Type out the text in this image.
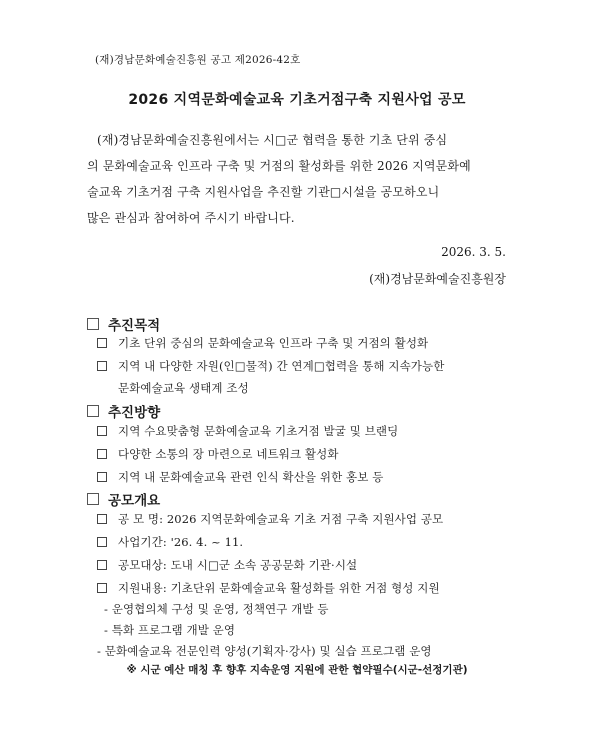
(재)경남문화예술진흥원 공고 제2026-42호
2026 지역문화예술교육 기초거점구축 지원사업 공모
(재)경남문화예술진흥원에서는 시□군 협력을 통한 기초 단위 중심
의 문화예술교육 인프라 구축 및 거점의 활성화를 위한 2026 지역문화예
술교육 기초거점 구축 지원사업을 추진할 기관□시설을 공모하오니
많은 관심과 참여하여 주시기 바랍니다.
2026. 3. 5.
(재)경남문화예술진흥원장
추진목적
기초 단위 중심의 문화예술교육 인프라 구축 및 거점의 활성화
지역 내 다양한 자원(인□물적) 간 연계□협력을 통해 지속가능한
문화예술교육 생태계 조성
추진방향
지역 수요맞춤형 문화예술교육 기초거점 발굴 및 브랜딩
다양한 소통의 장 마련으로 네트워크 활성화
지역 내 문화예술교육 관련 인식 확산을 위한 홍보 등
공모개요
공 모 명: 2026 지역문화예술교육 기초 거점 구축 지원사업 공모
사업기간: '26. 4. ~ 11.
공모대상: 도내 시□군 소속 공공문화 기관·시설
지원내용: 기초단위 문화예술교육 활성화를 위한 거점 형성 지원
- 운영협의체 구성 및 운영, 정책연구 개발 등
- 특화 프로그램 개발 운영
- 문화예술교육 전문인력 양성(기획자·강사) 및 실습 프로그램 운영
※ 시군 예산 매칭 후 향후 지속운영 지원에 관한 협약필수(시군-선정기관)
